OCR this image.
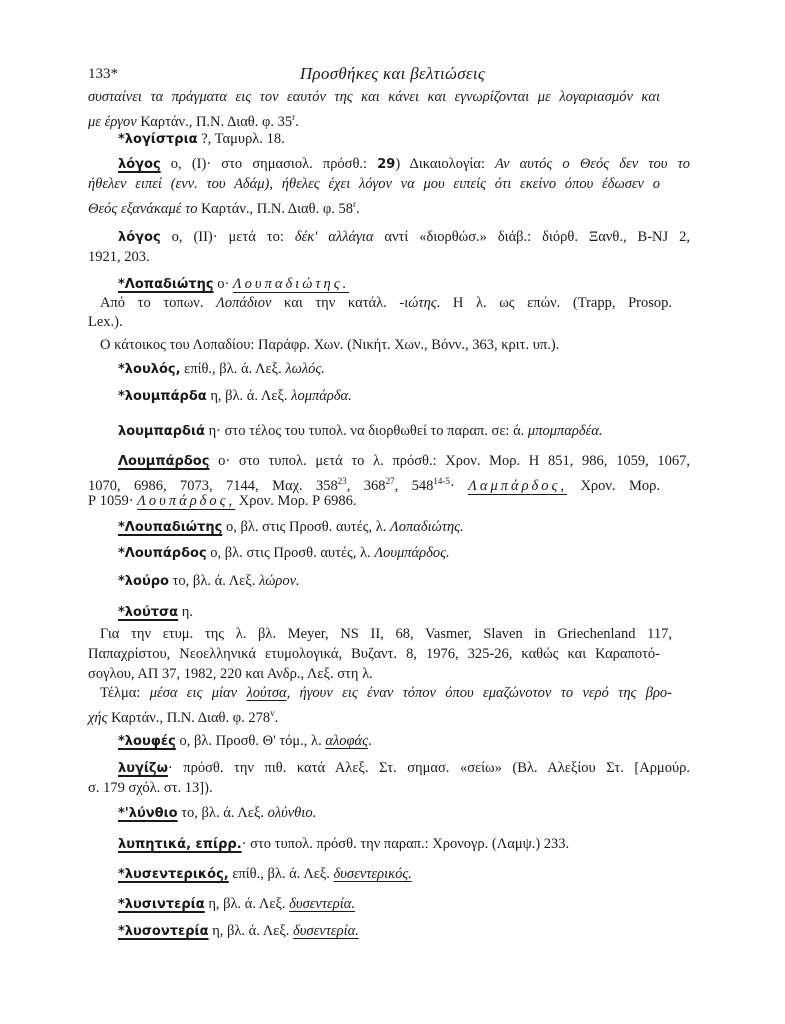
133*	Προσθήκες και βελτιώσεις
συσταίνει τα πράγματα εις τον εαυτόν της και κάνει και εγνωρίζονται με λογαριασμόν και
με έργον Καρτάν., Π.Ν. Διαθ. φ. 35$^r$.
*λογίστρια ?, Ταμυρλ. 18.
λόγος ο, (Ι)· στο σημασιολ. πρόσθ.: 29) Δικαιολογία: Αν αυτός ο Θεός δεν του το
ήθελεν ειπεί (ενν. του Αδάμ), ήθελες έχει λόγον να μου ειπείς ότι εκείνο όπου έδωσεν ο
Θεός εξανάκαμέ το Καρτάν., Π.Ν. Διαθ. φ. 58$^r$.
λόγος ο, (ΙΙ)· μετά το: δέκ' αλλάγια αντί «διορθώσ.» διάβ.: διόρθ. Ξανθ., B-NJ 2,
1921, 203.
*Λοπαδιώτης ο· Λουπαδιώτης.
Από το τοπων. Λοπάδιον και την κατάλ. -ιώτης. Η λ. ως επών. (Trapp, Prosop.
Lex.).
Ο κάτοικος του Λοπαδίου: Παράφρ. Χων. (Νικήτ. Χων., Βόνν., 363, κριτ. υπ.).
*λουλός, επίθ., βλ. ά. Λεξ. λωλός.
*λουμπάρδα η, βλ. ά. Λεξ. λομπάρδα.
λουμπαρδιά η· στο τέλος του τυπολ. να διορθωθεί το παραπ. σε: ά. μπομπαρδέα.
Λουμπάρδος ο· στο τυπολ. μετά το λ. πρόσθ.: Χρον. Μορ. Η 851, 986, 1059, 1067,
1070, 6986, 7073, 7144, Μαχ. $358^{23}$, $368^{27}$, $548^{14-5}\cdot \Lambda\alpha\mu\pi ά\rho\delta o\varsigma$, Χρον. Μορ.
Ρ 1059· Λουπάρδος, Χρον. Μορ. Ρ 6986.
*Λουπαδιώτης ο, βλ. στις Προσθ. αυτές, λ. Λοπαδιώτης.
*Λουπάρδος ο, βλ. στις Προσθ. αυτές, λ. Λουμπάρδος.
*λούρο το, βλ. ά. Λεξ. λώρον.
*λούτσα η.
Για την ετυμ. της λ. βλ. Meyer, NS II, 68, Vasmer, Slaven in Griechenland 117,
Παπαχρίστου, Νεοελληνικά ετυμολογικά, Βυζαντ. 8, 1976, 325-26, καθώς και Καραποτό-
σογλου, ΑΠ 37, 1982, 220 και Ανδρ., Λεξ. στη λ.
Τέλμα: μέσα εις μίαν λούτσα, ήγουν εις έναν τόπον όπου εμαζώνοτον το νερό της βρο-
χής Καρτάν., Π.Ν. Διαθ. φ. 278$^v$.
*λουφές ο, βλ. Προσθ. Θ' τόμ., λ. αλοφάς.
λυγίζω· πρόσθ. την πιθ. κατά Αλεξ. Στ. σημασ. «σείω» (Βλ. Αλεξίου Στ. [Αρμούρ.
σ. 179 σχόλ. στ. 13]).
*'λύνθιο το, βλ. ά. Λεξ. ολύνθιο.
λυπητικά, επίρρ.· στο τυπολ. πρόσθ. την παραπ.: Χρονογρ. (Λαμψ.) 233.
*λυσεντερικός, επίθ., βλ. ά. Λεξ. δυσεντερικός.
*λυσιντερία η, βλ. ά. Λεξ. δυσεντερία.
*λυσοντερία η, βλ. ά. Λεξ. δυσεντερία.
